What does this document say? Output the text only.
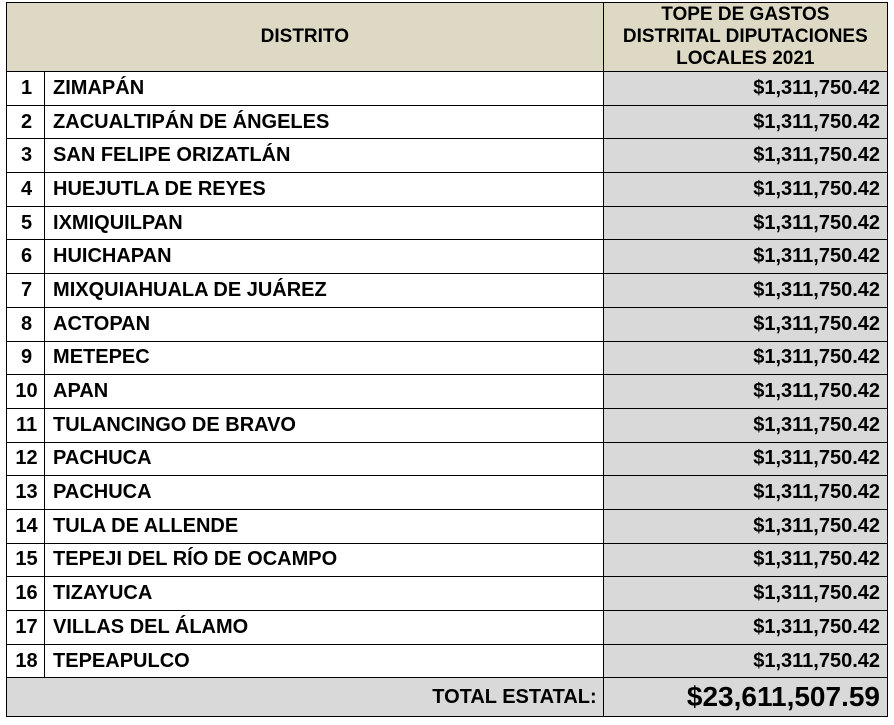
DISTRITO		TOPE DE GASTOS
DISTRITAL DIPUTACIONES
LOCALES 2021

1	ZIMAPÁN	$1,311,750.42
2	ZACUALTIPÁN DE ÁNGELES	$1,311,750.42
3	SAN FELIPE ORIZATLÁN	$1,311,750.42
4	HUEJUTLA DE REYES	$1,311,750.42
5	IXMIQUILPAN	$1,311,750.42
6	HUICHAPAN	$1,311,750.42
7	MIXQUIAHUALA DE JUÁREZ	$1,311,750.42
8	ACTOPAN	$1,311,750.42
9	METEPEC	$1,311,750.42
10	APAN	$1,311,750.42
11	TULANCINGO DE BRAVO	$1,311,750.42
12	PACHUCA	$1,311,750.42
13	PACHUCA	$1,311,750.42
14	TULA DE ALLENDE	$1,311,750.42
15	TEPEJI DEL RÍO DE OCAMPO	$1,311,750.42
16	TIZAYUCA	$1,311,750.42
17	VILLAS DEL ÁLAMO	$1,311,750.42
18	TEPEAPULCO	$1,311,750.42
TOTAL ESTATAL:		$23,611,507.59
